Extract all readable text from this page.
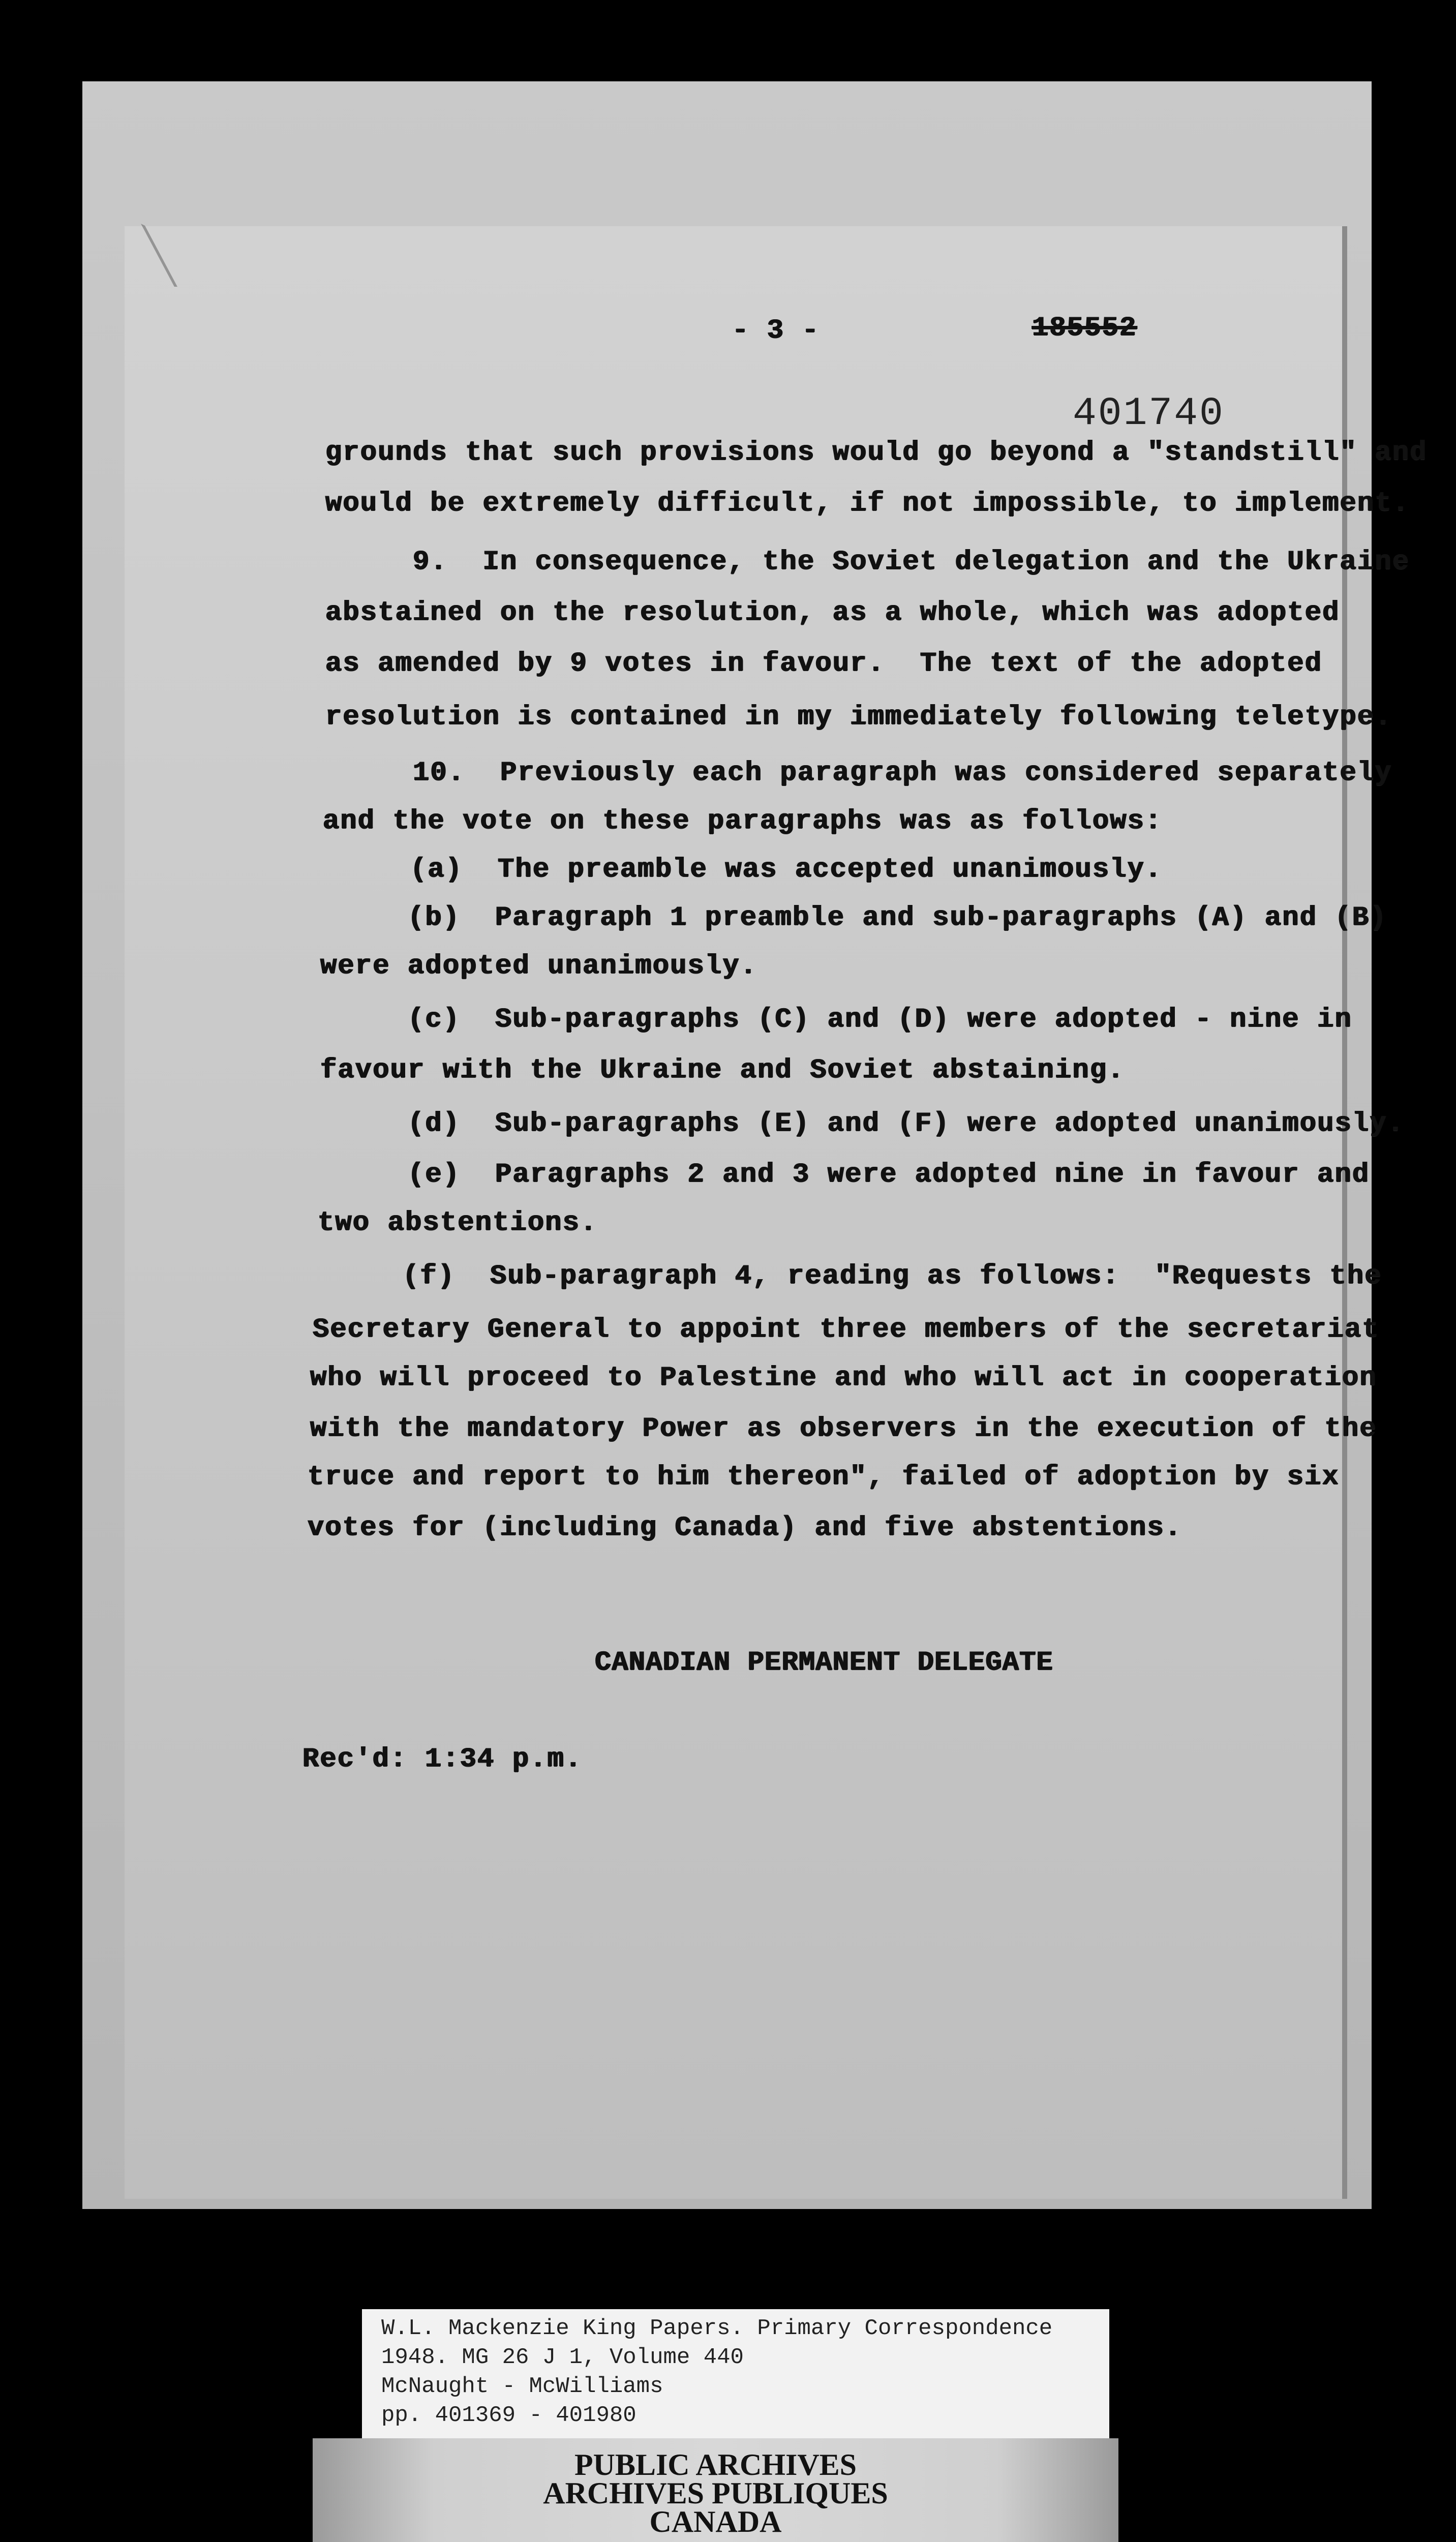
- 3 -	185552
401740
grounds that such provisions would go beyond a "standstill" and
would be extremely difficult, if not impossible, to implement.
9.  In consequence, the Soviet delegation and the Ukraine
abstained on the resolution, as a whole, which was adopted
as amended by 9 votes in favour.  The text of the adopted
resolution is contained in my immediately following teletype.
10.  Previously each paragraph was considered separately
and the vote on these paragraphs was as follows:
(a)  The preamble was accepted unanimously.
(b)  Paragraph 1 preamble and sub-paragraphs (A) and (B)
were adopted unanimously.
(c)  Sub-paragraphs (C) and (D) were adopted - nine in
favour with the Ukraine and Soviet abstaining.
(d)  Sub-paragraphs (E) and (F) were adopted unanimously.
(e)  Paragraphs 2 and 3 were adopted nine in favour and
two abstentions.
(f)  Sub-paragraph 4, reading as follows:  "Requests the
Secretary General to appoint three members of the secretariat
who will proceed to Palestine and who will act in cooperation
with the mandatory Power as observers in the execution of the
truce and report to him thereon", failed of adoption by six
votes for (including Canada) and five abstentions.
CANADIAN PERMANENT DELEGATE
Rec'd: 1:34 p.m.
W.L. Mackenzie King Papers. Primary Correspondence
1948. MG 26 J 1, Volume 440
McNaught - McWilliams
pp. 401369 - 401980
PUBLIC ARCHIVES
ARCHIVES PUBLIQUES
CANADA
